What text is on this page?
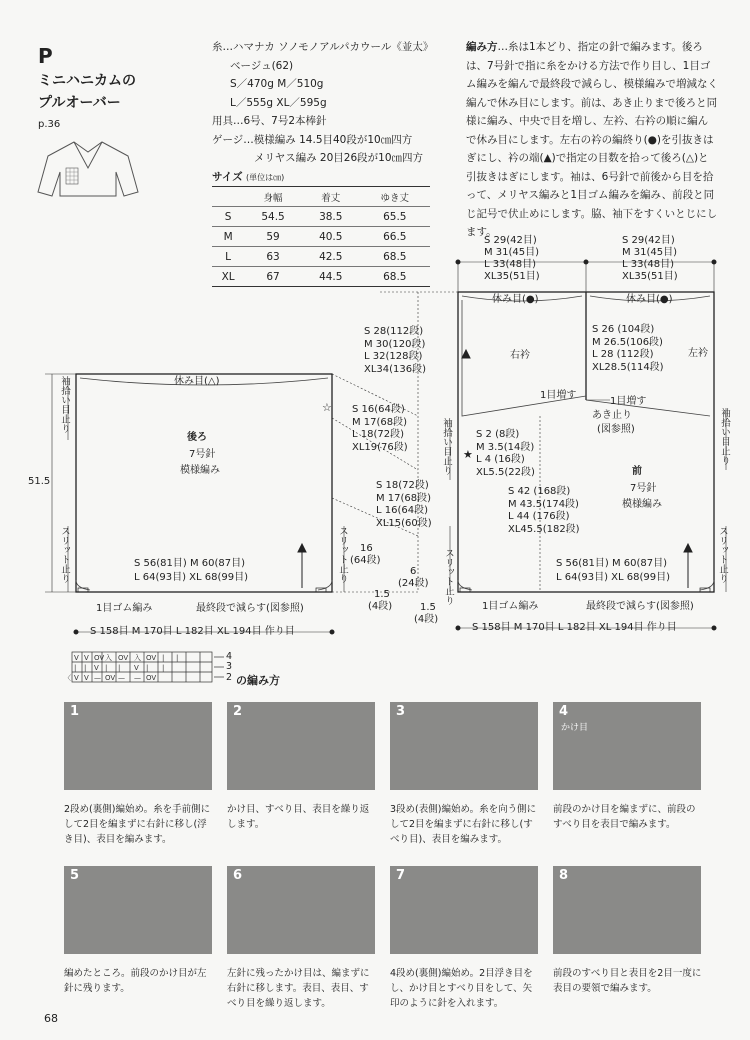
P
ミニハニカムの
プルオーバー
p.36
糸…ハマナカ ソノモノアルパカウール《並太》
ベージュ(62)
S／470g M／510g
L／555g XL／595g
用具…6号、7号2本棒針
ゲージ…模様編み 14.5目40段が10㎝四方
メリヤス編み 20目26段が10㎝四方
サイズ (単位は㎝)
	身幅	着丈	ゆき丈
S	54.5	38.5	65.5
M	59	40.5	66.5
L	63	42.5	68.5
XL	67	44.5	68.5
編み方…糸は1本どり、指定の針で編みます。後ろは、7号針で指に糸をかける方法で作り目し、1目ゴム編みを編んで最終段で減らし、模様編みで増減なく編んで休み目にします。前は、あき止りまで後ろと同様に編み、中央で目を増し、左衿、右衿の順に編んで休み目にします。左右の衿の編終り(●)を引抜きはぎにし、衿の端(▲)で指定の目数を拾って後ろ(△)と引抜きはぎにします。袖は、6号針で前後から目を拾って、メリヤス編みと1目ゴム編みを編み、前段と同じ記号で伏止めにします。脇、袖下をすくいとじにします。
☆
★
休み目(△)
後ろ
7号針
模様編み
袖拾い目止り
51.5
スリット止り	スリット止り
S 56(81目) M 60(87目)
L 64(93目) XL 68(99目)
1目ゴム編み	最終段で減らす(図参照)
S 158目 M 170目 L 182目 XL 194目 作り目
S 29(42目)
M 31(45目)
L 33(48目)
XL35(51目)
S 29(42目)
M 31(45目)
L 33(48目)
XL35(51目)
休み目(●)	休み目(●)
S 26 (104段)
M 26.5(106段)
L 28 (112段)
XL28.5(114段)
左衿
右衿
S 28(112段)
M 30(120段)
L 32(128段)
XL34(136段)
1目増す
1目増す
あき止り
(図参照)
S 16(64段)
M 17(68段)
L 18(72段)
XL19(76段)	袖拾い目止り	袖拾い目止り
S 2 (8段)
M 3.5(14段)
L 4 (16段)
XL5.5(22段)	前
7号針
模様編み
S 18(72段)
M 17(68段)
L 16(64段)
XL15(60段)
S 42 (168段)
M 43.5(174段)
L 44 (176段)
XL45.5(182段)
スリット止り	スリット止り
16
(64段)
6
(24段)
1.5
(4段)	1.5
(4段)
S 56(81目) M 60(87目)
L 64(93目) XL 68(99目)
1目ゴム編み	最終段で減らす(図参照)
S 158目 M 170目 L 182目 XL 194目 作り目
V V OV 入 OV 入 OV | |
| | V | | V | |
V V — OV — — OV
〈
4
3
2 の編み方
1	2	3	4
かけ目
5	6	7	8
2段め(裏側)編始め。糸を手前側にして2目を編まずに右針に移し(浮き目)、表目を編みます。
かけ目、すべり目、表目を繰り返します。
3段め(表側)編始め。糸を向う側にして2目を編まずに右針に移し(すべり目)、表目を編みます。
前段のかけ目を編まずに、前段のすべり目を表目で編みます。
編めたところ。前段のかけ目が左針に残ります。
左針に残ったかけ目は、編まずに右針に移します。表目、表目、すべり目を繰り返します。
4段め(裏側)編始め。2目浮き目をし、かけ目とすべり目をして、矢印のように針を入れます。
前段のすべり目と表目を2目一度に表目の要領で編みます。
68
